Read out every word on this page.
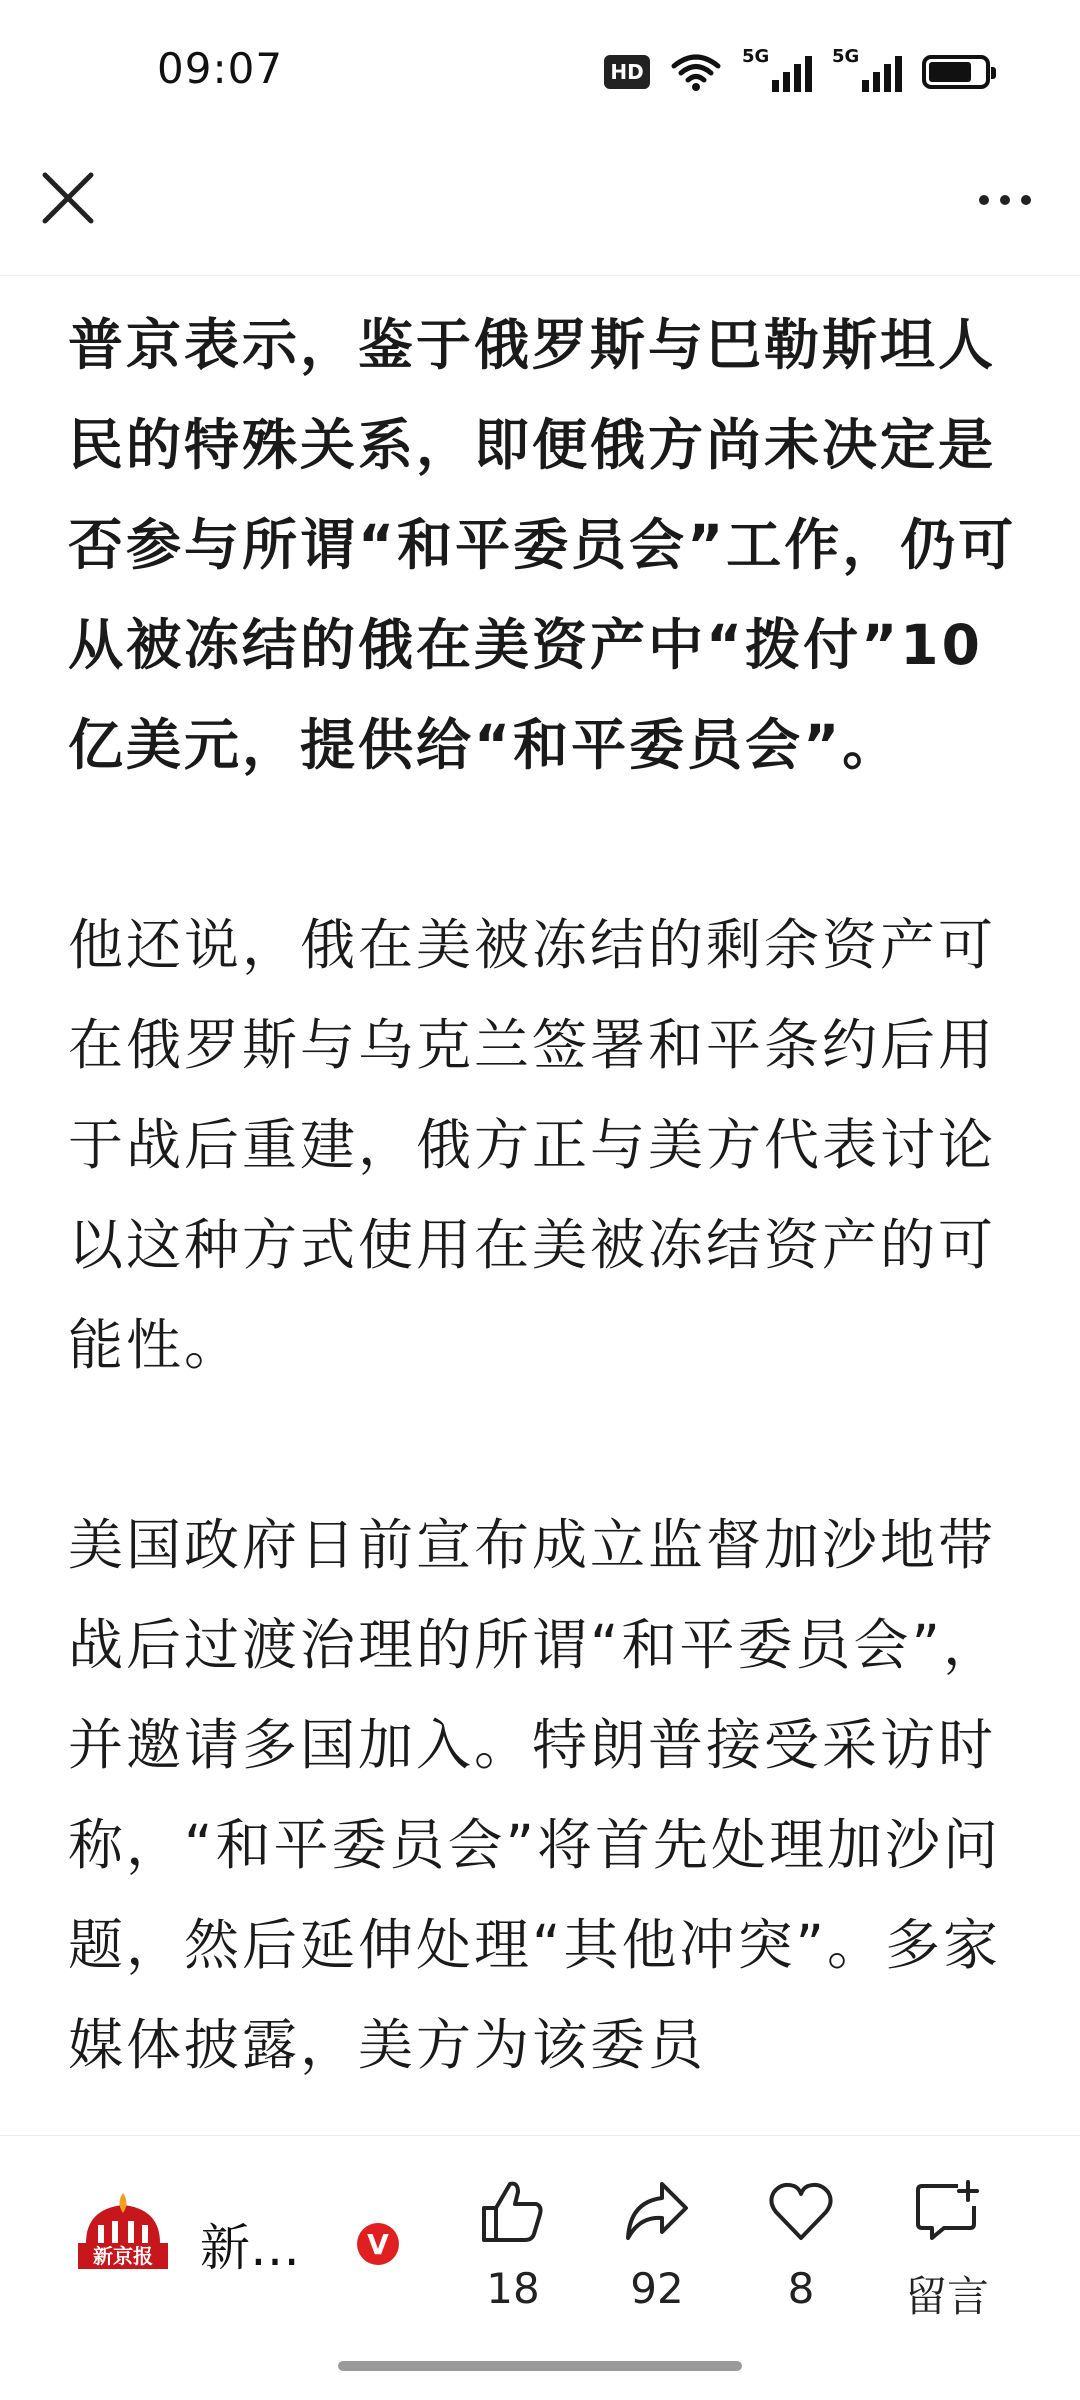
09:07	HD
5G	5G

普京表示，鉴于俄罗斯与巴勒斯坦人民的特殊关系，即便俄方尚未决定是否参与所谓“和平委员会”工作，仍可从被冻结的俄在美资产中“拨付”10亿美元，提供给“和平委员会”。

他还说，俄在美被冻结的剩余资产可在俄罗斯与乌克兰签署和平条约后用于战后重建，俄方正与美方代表讨论以这种方式使用在美被冻结资产的可能性。

美国政府日前宣布成立监督加沙地带战后过渡治理的所谓“和平委员会”，并邀请多国加入。特朗普接受采访时称，“和平委员会”将首先处理加沙问题，然后延伸处理“其他冲突”。多家媒体披露，美方为该委员

新京报 新…	V
18	92	8	留言
